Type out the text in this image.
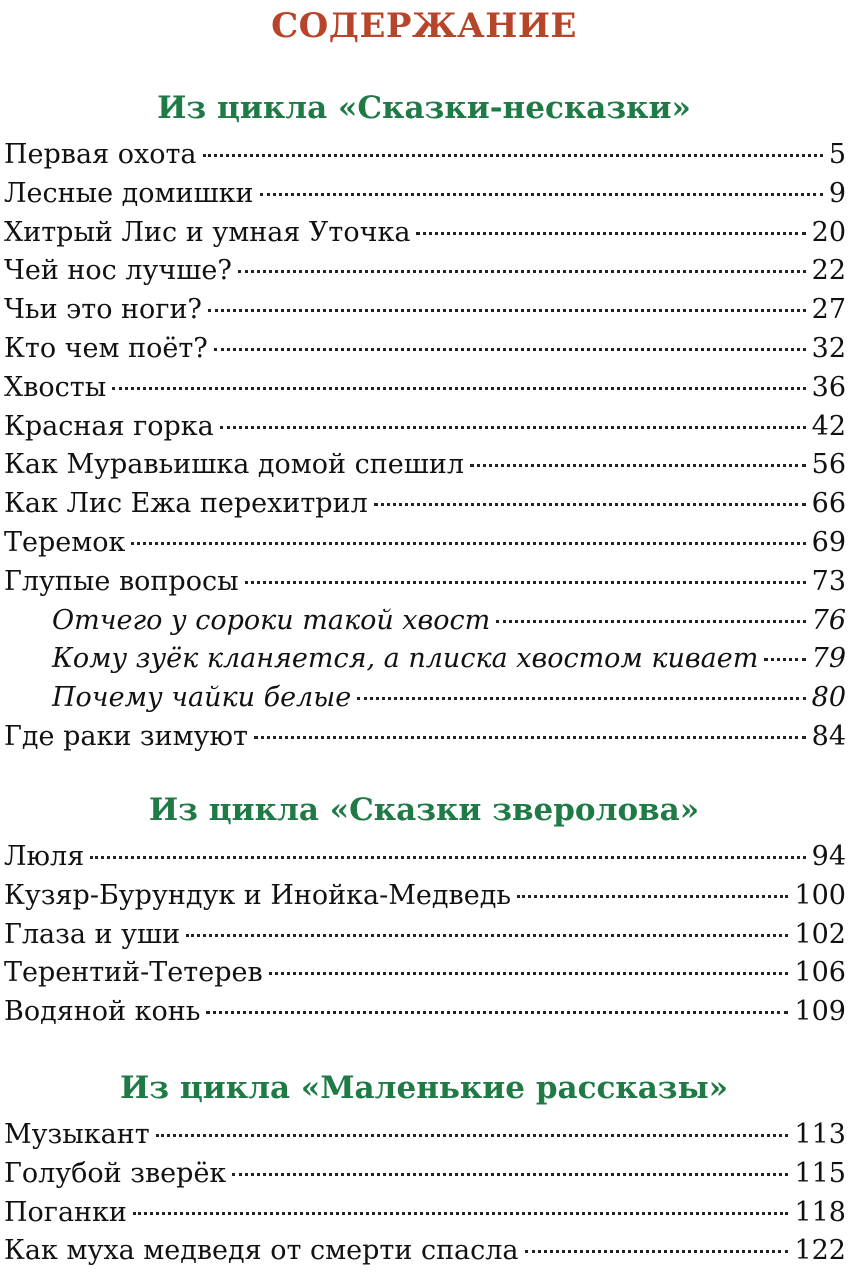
СОДЕРЖАНИЕ
Из цикла «Сказки-несказки»
Первая охота	5
Лесные домишки	9
Хитрый Лис и умная Уточка	20
Чей нос лучше?	22
Чьи это ноги?	27
Кто чем поёт?	32
Хвосты	36
Красная горка	42
Как Муравьишка домой спешил	56
Как Лис Ежа перехитрил	66
Теремок	69
Глупые вопросы	73
Отчего у сороки такой хвост	76
Кому зуёк кланяется, а плиска хвостом кивает 79
Почему чайки белые	80
Где раки зимуют	84
Из цикла «Сказки зверолова»
Люля	94
Кузяр-Бурундук и Инойка-Медведь	100
Глаза и уши	102
Терентий-Тетерев	106
Водяной конь	109
Из цикла «Маленькие рассказы»
Музыкант	113
Голубой зверёк	115
Поганки	118
Как муха медведя от смерти спасла	122
